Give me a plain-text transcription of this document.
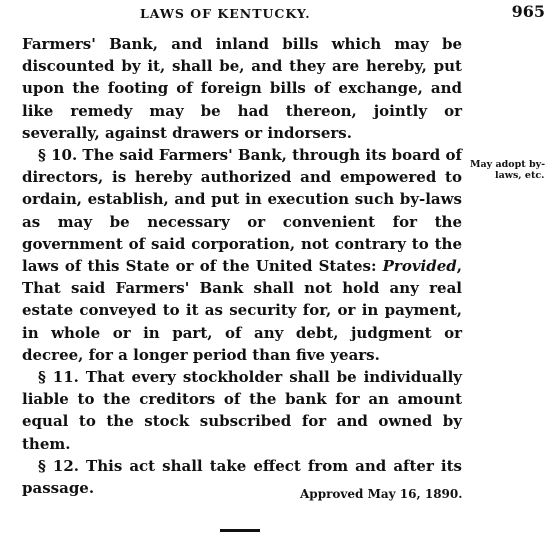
LAWS OF KENTUCKY.	965

Farmers' Bank, and inland bills which may be discounted by it, shall be, and they are hereby, put upon the footing of foreign bills of exchange, and like remedy may be had thereon, jointly or severally, against drawers or indorsers.

§ 10. The said Farmers' Bank, through its board of directors, is hereby authorized and empowered to ordain, establish, and put in execution such by-laws as may be necessary or convenient for the government of said corporation, not contrary to the laws of this State or of the United States: Provided, That said Farmers' Bank shall not hold any real estate conveyed to it as security for, or in payment, in whole or in part, of any debt, judgment or decree, for a longer period than five years.

§ 11. That every stockholder shall be individually liable to the creditors of the bank for an amount equal to the stock subscribed for and owned by them.

§ 12. This act shall take effect from and after its passage.

May adopt by-
laws, etc.
Approved May 16, 1890.
